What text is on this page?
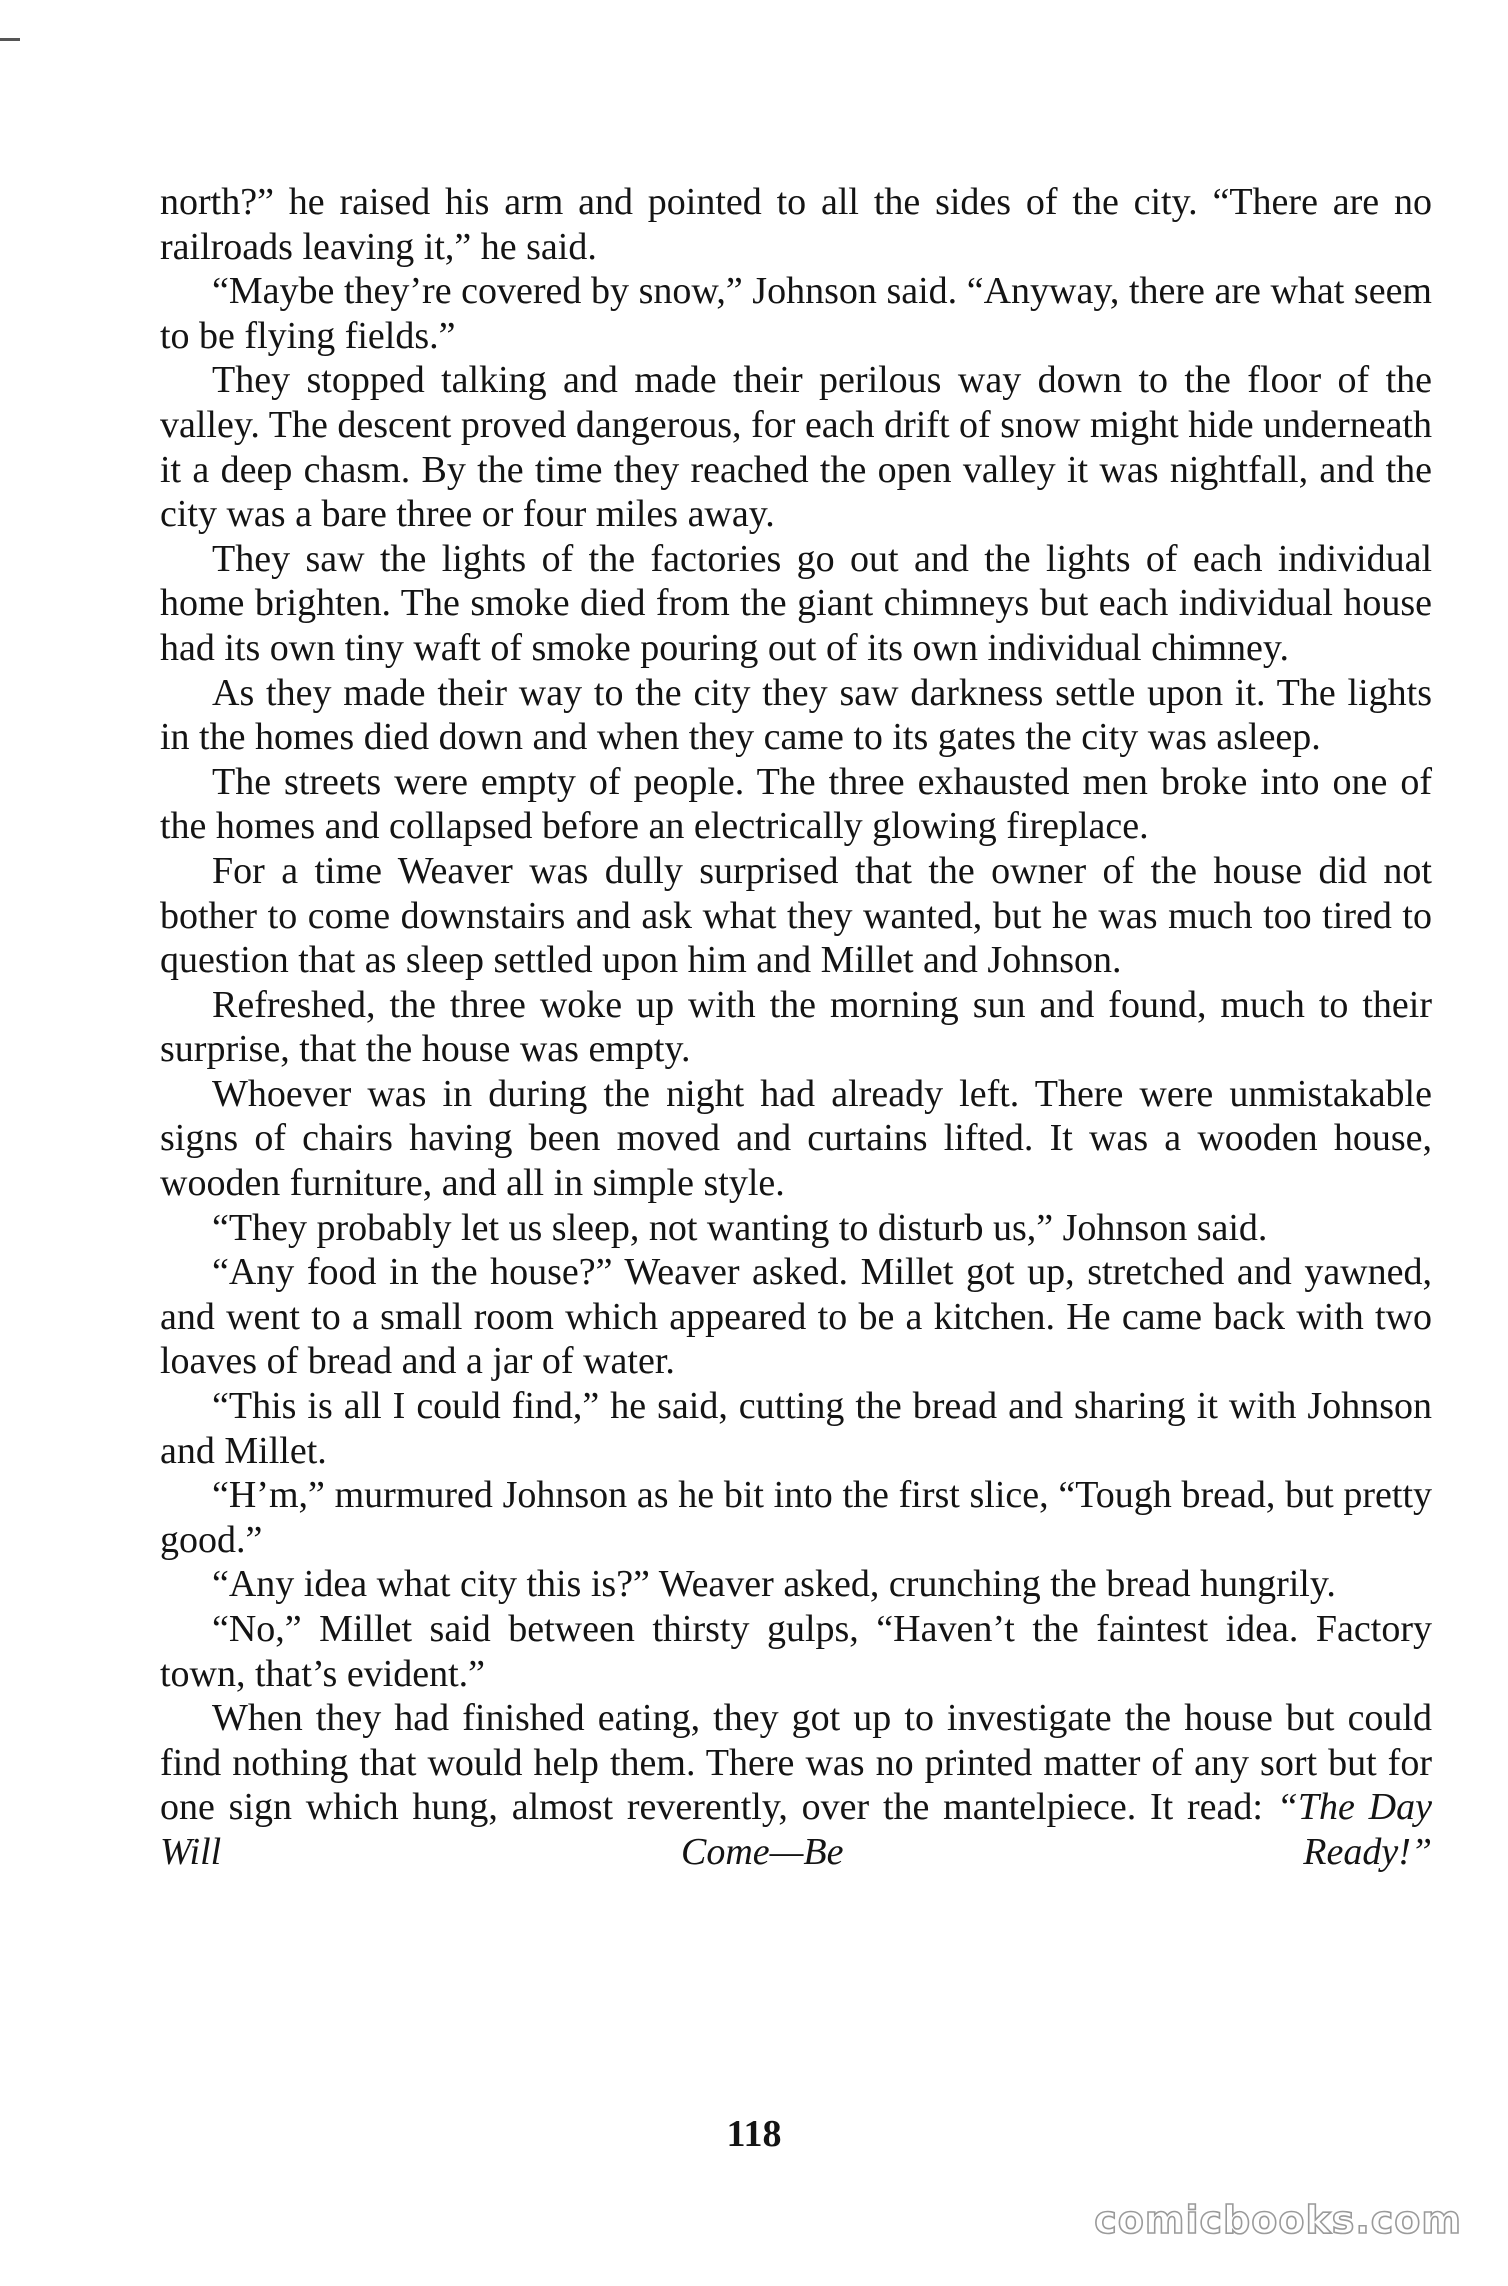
north?” he raised his arm and pointed to all the sides of the city. “There are no railroads leaving it,” he said.

“Maybe they’re covered by snow,” Johnson said. “Anyway, there are what seem to be flying fields.”

They stopped talking and made their perilous way down to the floor of the valley. The descent proved dangerous, for each drift of snow might hide underneath it a deep chasm. By the time they reached the open valley it was nightfall, and the city was a bare three or four miles away.

They saw the lights of the factories go out and the lights of each individual home brighten. The smoke died from the giant chimneys but each individual house had its own tiny waft of smoke pouring out of its own individual chimney.

As they made their way to the city they saw darkness settle upon it. The lights in the homes died down and when they came to its gates the city was asleep.

The streets were empty of people. The three exhausted men broke into one of the homes and collapsed before an electrically glowing fireplace.

For a time Weaver was dully surprised that the owner of the house did not bother to come downstairs and ask what they wanted, but he was much too tired to question that as sleep settled upon him and Millet and Johnson.

Refreshed, the three woke up with the morning sun and found, much to their surprise, that the house was empty.

Whoever was in during the night had already left. There were unmistakable signs of chairs having been moved and curtains lifted. It was a wooden house, wooden furniture, and all in simple style.

“They probably let us sleep, not wanting to disturb us,” Johnson said.

“Any food in the house?” Weaver asked. Millet got up, stretched and yawned, and went to a small room which appeared to be a kitchen. He came back with two loaves of bread and a jar of water.

“This is all I could find,” he said, cutting the bread and sharing it with Johnson and Millet.

“H’m,” murmured Johnson as he bit into the first slice, “Tough bread, but pretty good.”

“Any idea what city this is?” Weaver asked, crunching the bread hungrily.

“No,” Millet said between thirsty gulps, “Haven’t the faintest idea. Factory town, that’s evident.”

When they had finished eating, they got up to investigate the house but could find nothing that would help them. There was no printed matter of any sort but for one sign which hung, almost reverently, over the mantelpiece. It read: “The Day Will Come—Be Ready!”

118
comicbooks.com
